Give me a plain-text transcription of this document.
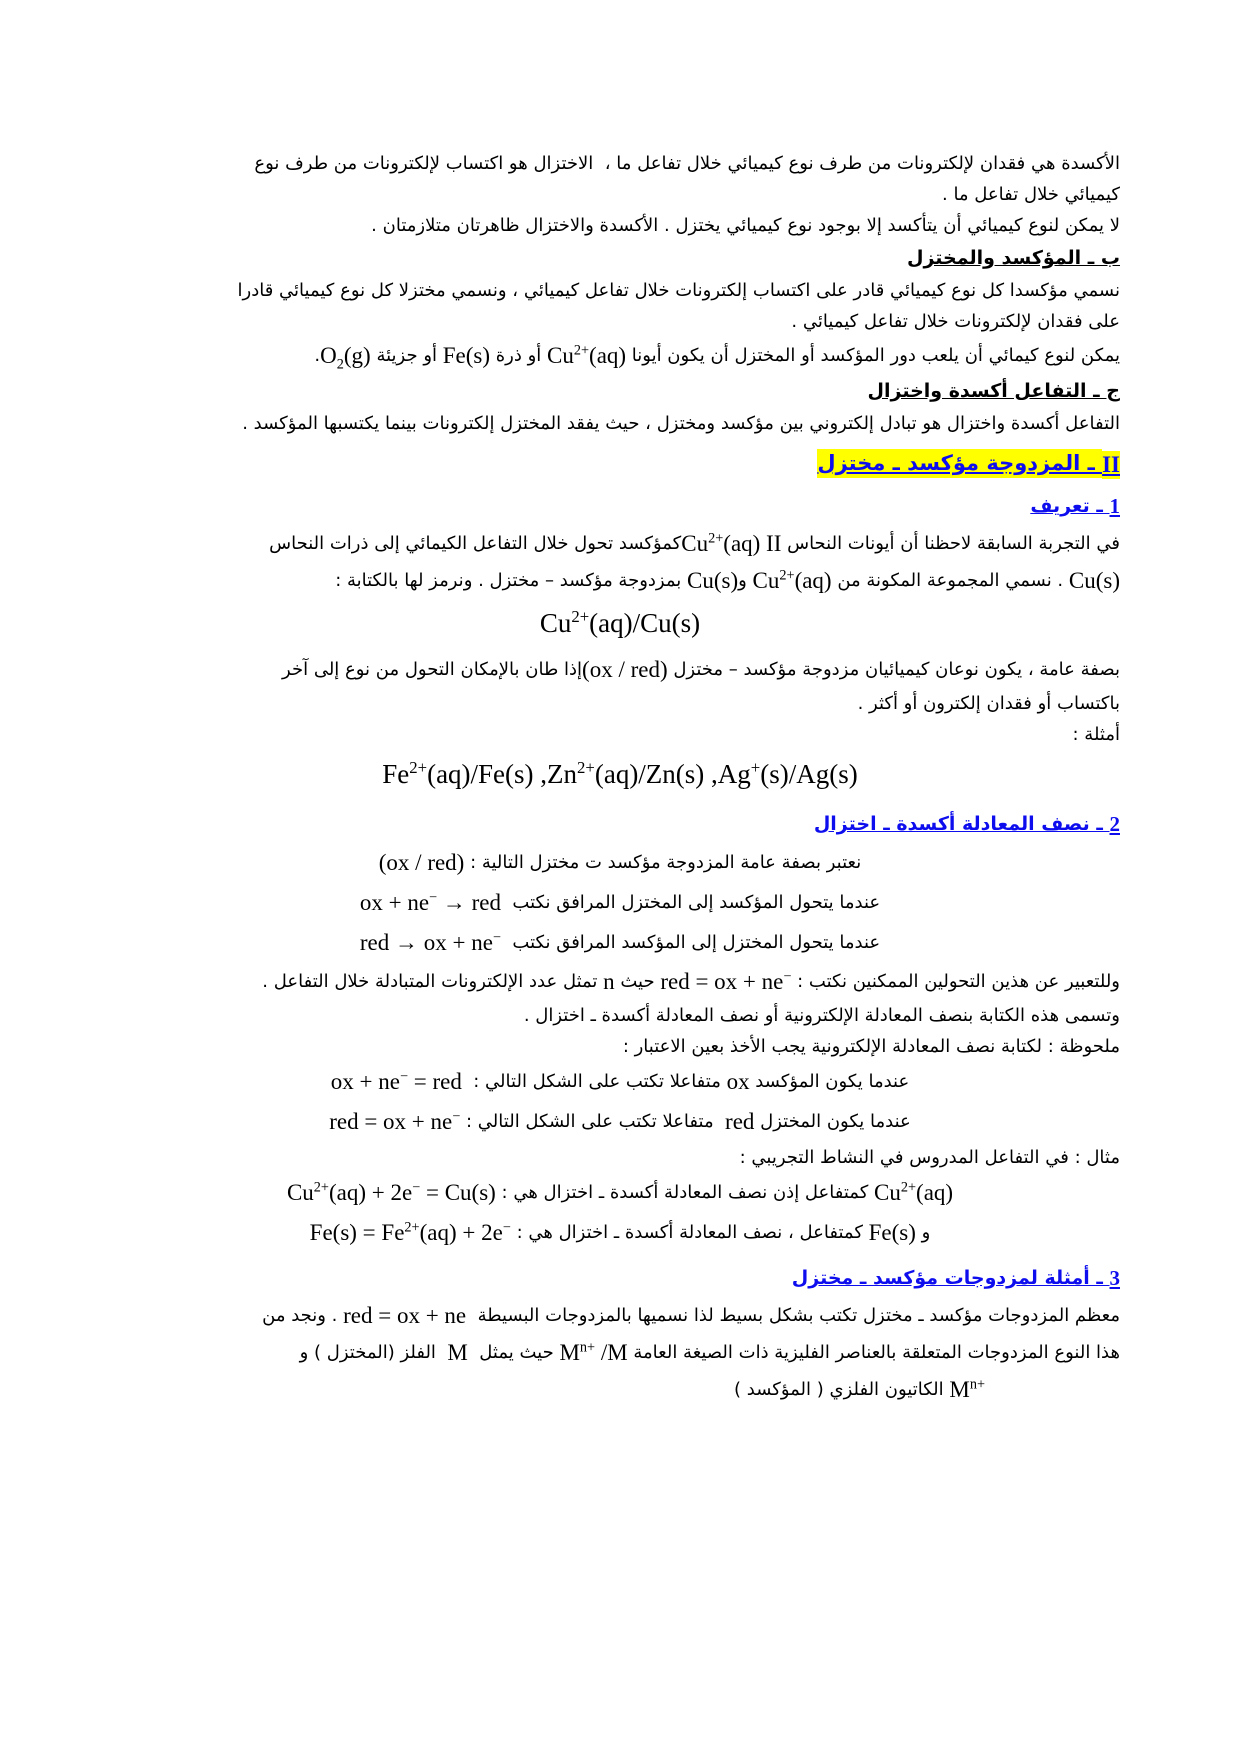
الأكسدة هي فقدان لإلكترونات من طرف نوع كيميائي خلال تفاعل ما ،  الاختزال هو اكتساب لإلكترونات من طرف نوع
كيميائي خلال تفاعل ما .
لا يمكن لنوع كيميائي أن يتأكسد إلا بوجود نوع كيميائي يختزل . الأكسدة والاختزال ظاهرتان متلازمتان .
ب ـ المؤكسد والمختزل
نسمي مؤكسدا كل نوع كيميائي قادر على اكتساب إلكترونات خلال تفاعل كيميائي ، ونسمي مختزلا كل نوع كيميائي قادرا
على فقدان لإلكترونات خلال تفاعل كيميائي .
يمكن لنوع كيمائي أن يلعب دور المؤكسد أو المختزل أن يكون أيونا $Cu^{2+}(aq)$ أو ذرة Fe(s) أو جزيئة $O_2(g)$.
ج ـ التفاعل أكسدة واختزال
التفاعل أكسدة واختزال هو تبادل إلكتروني بين مؤكسد ومختزل ، حيث يفقد المختزل إلكترونات بينما يكتسبها المؤكسد .
II ـ المزدوجة مؤكسد ـ مختزل
1 ـ تعريف
في التجربة السابقة لاحظنا أن أيونات النحاس II $Cu^{2+}(aq)كمؤكسد$ تحول خلال التفاعل الكيمائي إلى ذرات النحاس
Cu(s) . نسمي المجموعة المكونة من $Cu^{2+}(aq)$ وCu(s) بمزدوجة مؤكسد – مختزل . ونرمز لها بالكتابة :
$Cu^{2+}(aq)/Cu(s)$
بصفة عامة ، يكون نوعان كيميائيان مزدوجة مؤكسد – مختزل (ox / red)إذا طان بالإمكان التحول من نوع إلى آخر
باكتساب أو فقدان إلكترون أو أكثر .
أمثلة :
$Fe^{2+}(aq)/Fe(s)$ $,Zn^{2+}(aq)/Zn(s)$ ,Ag+(s)/Ag(s)
2 ـ نصف المعادلة أكسدة ـ اختزال
نعتبر بصفة عامة المزدوجة مؤكسد ت مختزل التالية : (ox / red)
عندما يتحول المؤكسد إلى المختزل المرافق نكتب  ox + ne− → red
عندما يتحول المختزل إلى المؤكسد المرافق نكتب  red → ox + ne−
وللتعبير عن هذين التحولين الممكنين نكتب : red = ox + ne− حيث n تمثل عدد الإلكترونات المتبادلة خلال التفاعل .
وتسمى هذه الكتابة بنصف المعادلة الإلكترونية أو نصف المعادلة أكسدة ـ اختزال .
ملحوظة : لكتابة نصف المعادلة الإلكترونية يجب الأخذ بعين الاعتبار :
عندما يكون المؤكسد ox متفاعلا تكتب على الشكل التالي :  ox + ne− = red
عندما يكون المختزل red  متفاعلا تكتب على الشكل التالي : red = ox + ne−
مثال : في التفاعل المدروس في النشاط التجريبي :
$Cu^{2+}(aq)$ كمتفاعل إذن نصف المعادلة أكسدة ـ اختزال هي : $Cu^{2+}(aq) + 2e^- = Cu(s)$
و Fe(s) كمتفاعل ، نصف المعادلة أكسدة ـ اختزال هي : $Fe(s) = Fe^{2+}(aq) + 2e^-$
3 ـ أمثلة لمزدوجات مؤكسد ـ مختزل
معظم المزدوجات مؤكسد ـ مختزل تكتب بشكل بسيط لذا نسميها بالمزدوجات البسيطة  red = ox + ne . ونجد من
هذا النوع المزدوجات المتعلقة بالعناصر الفليزية ذات الصيغة العامة $M^{n+}$ /M حيث يمثل  M  الفلز (المختزل ) و
$M^{n+}$ الكاتيون الفلزي ( المؤكسد )
